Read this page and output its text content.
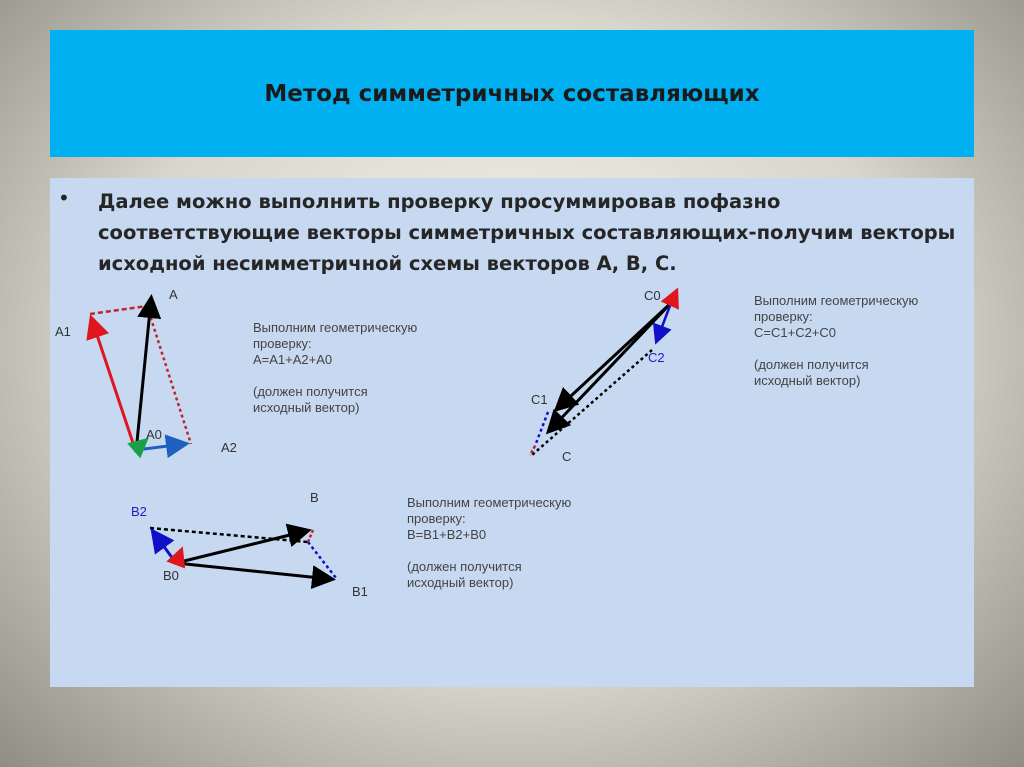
Метод симметричных составляющих
• Далее можно выполнить проверку просуммировав пофазно соответствующие векторы симметричных составляющих-получим векторы исходной несимметричной схемы векторов А, В, С.
A
A1
A2
A0
Выполним геометрическую
проверку:
A=A1+A2+A0

(должен получится
исходный вектор)
C0
C2
C1
C
Выполним геометрическую
проверку:
C=C1+C2+C0

(должен получится
исходный вектор)
B
B2
B0
B1
Выполним геометрическую
проверку:
B=B1+B2+B0

(должен получится
исходный вектор)
